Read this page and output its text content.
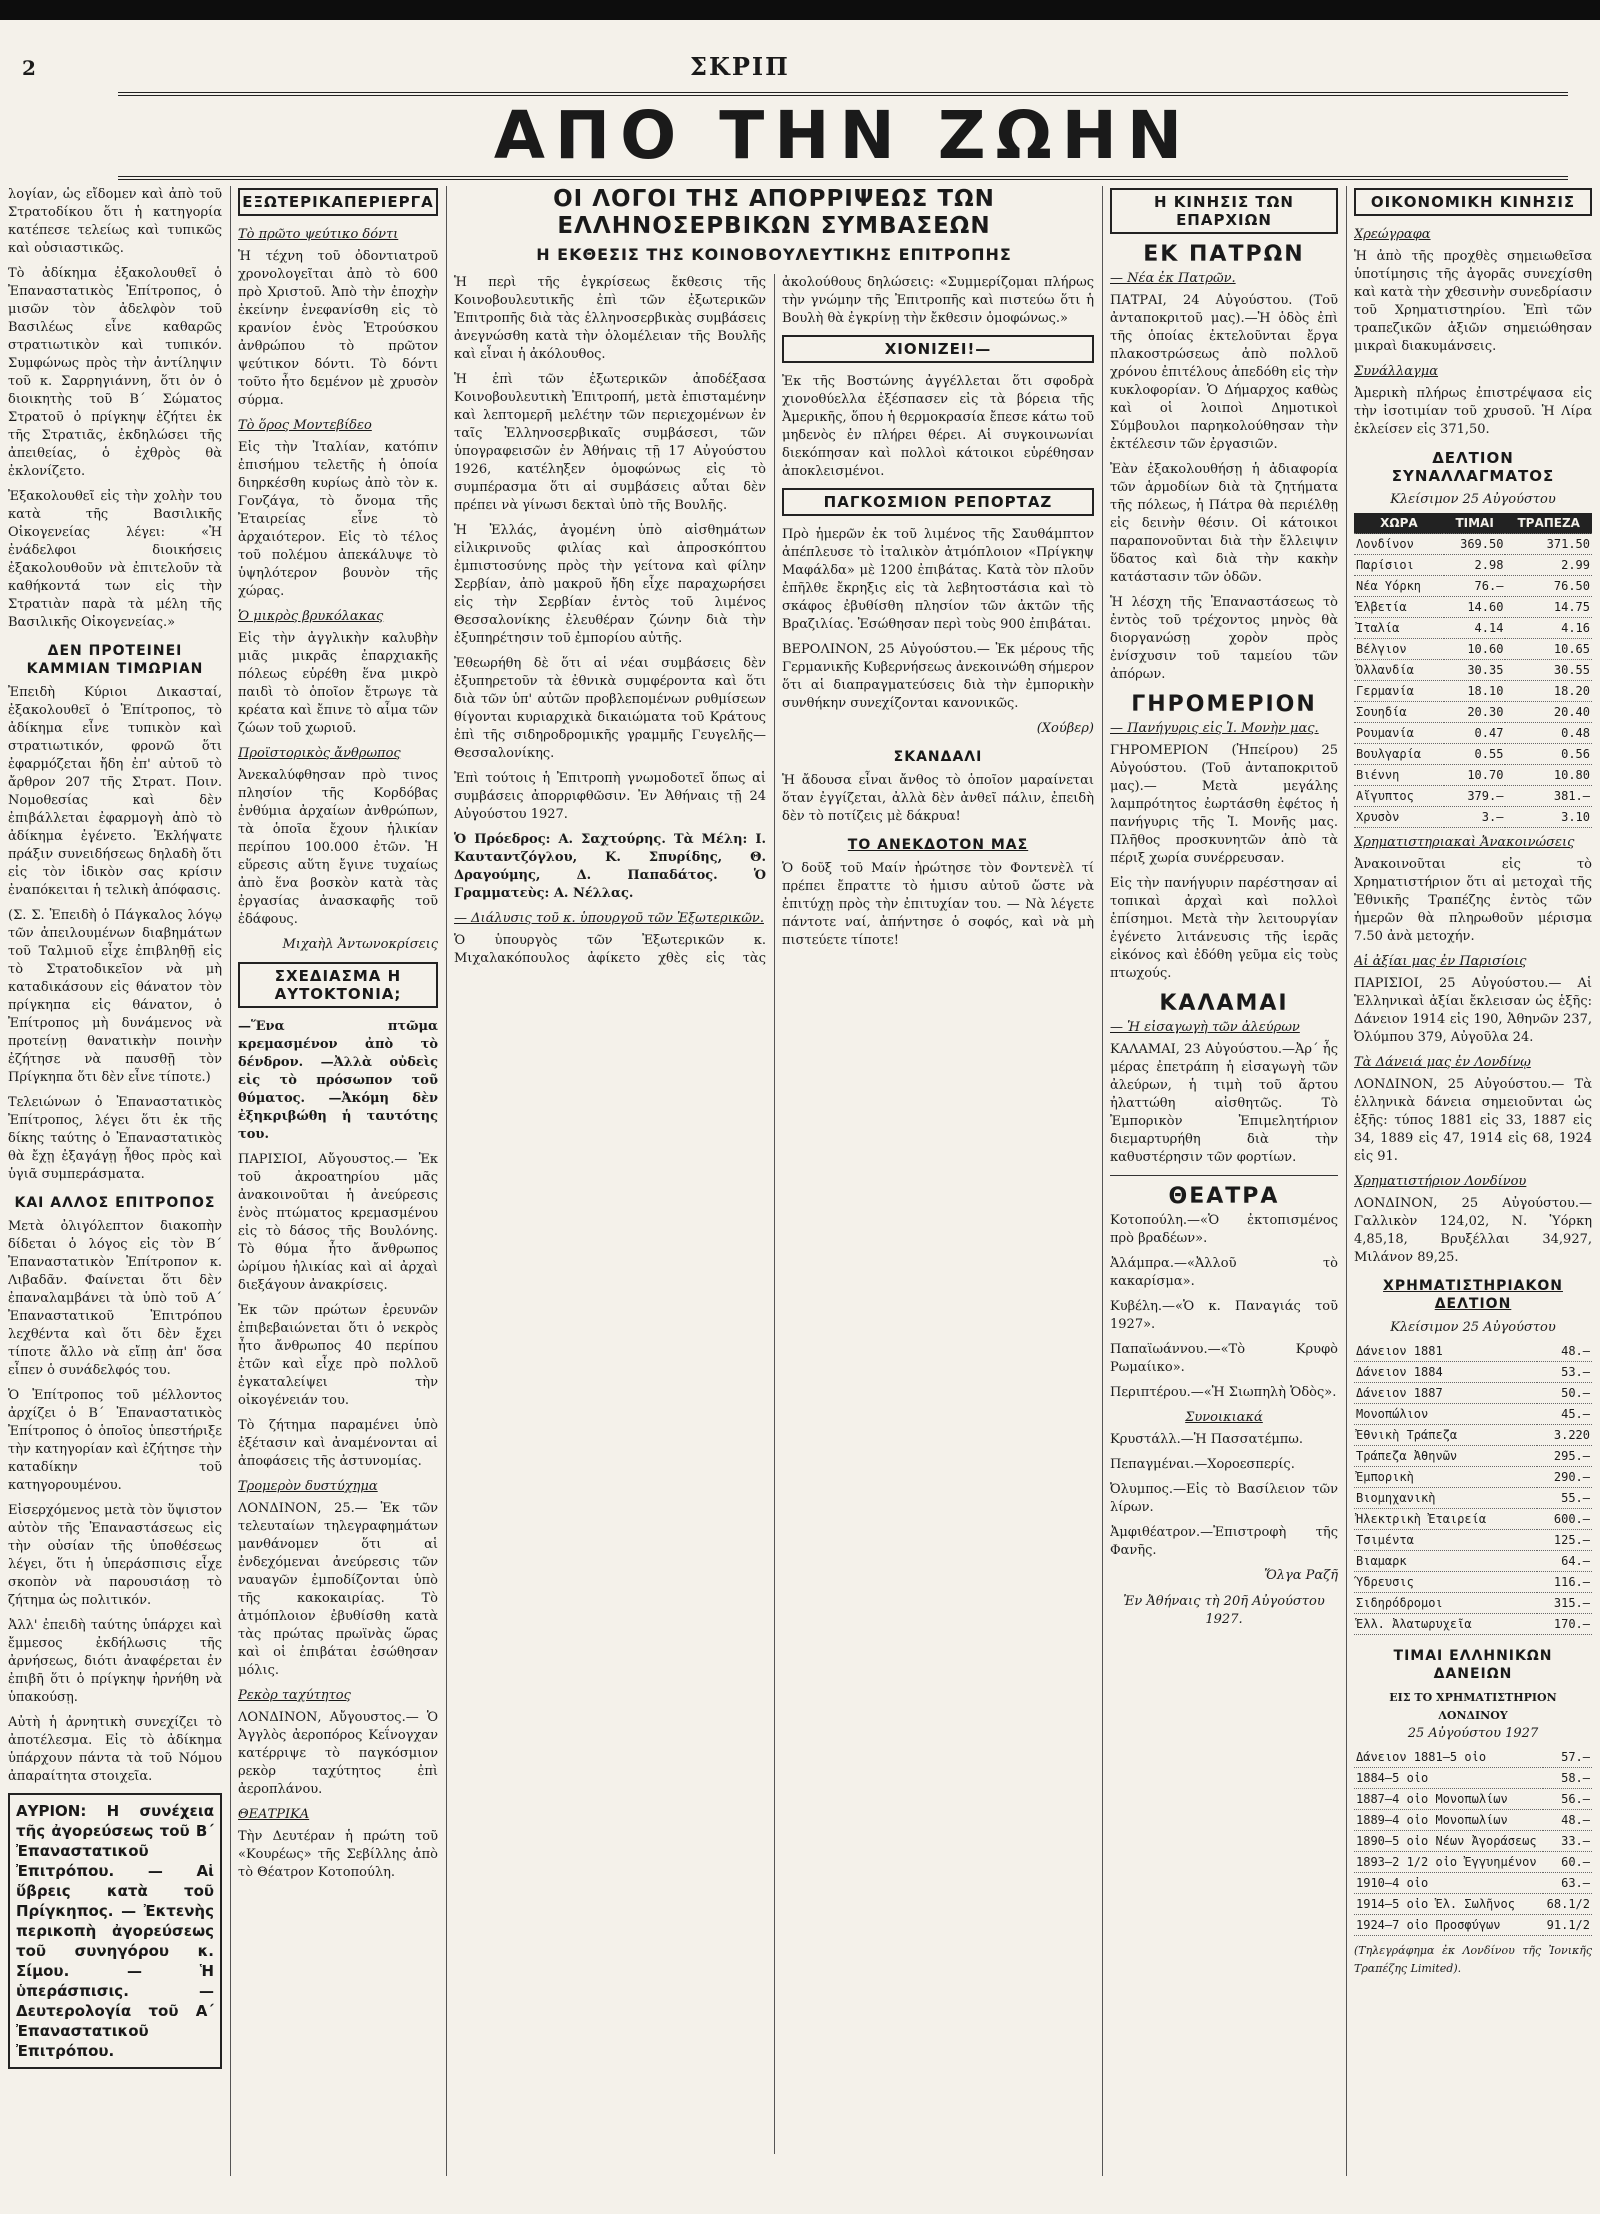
2	ΣΚΡΙΠ
ΑΠΟ ΤΗΝ ΖΩΗΝ

λογίαν, ὡς εἴδομεν καὶ ἀπὸ τοῦ Στρατοδίκου ὅτι ἡ κατηγορία κατέπεσε τελείως καὶ τυπικῶς καὶ οὐσιαστικῶς.

Τὸ ἀδίκημα ἐξακολουθεῖ ὁ Ἐπαναστατικὸς Ἐπίτροπος, ὁ μισῶν τὸν ἀδελφὸν τοῦ Βασιλέως εἶνε καθαρῶς στρατιωτικὸν καὶ τυπικόν. Συμφώνως πρὸς τὴν ἀντίληψιν τοῦ κ. Σαρρηγιάννη, ὅτι ὁν ὁ διοικητὴς τοῦ Β΄ Σώματος Στρατοῦ ὁ πρίγκηψ ἐζήτει ἐκ τῆς Στρατιᾶς, ἐκδηλώσει τῆς ἀπειθείας, ὁ ἐχθρὸς θὰ ἐκλονίζετο.

Ἐξακολουθεῖ εἰς τὴν χολὴν του κατὰ τῆς Βασιλικῆς Οἰκογενείας λέγει: «Ἡ ἐνάδελφοι διοικήσεις ἐξακολουθοῦν νὰ ἐπιτελοῦν τὰ καθήκοντά των εἰς τὴν Στρατιὰν παρὰ τὰ μέλη τῆς Βασιλικῆς Οἰκογενείας.»

ΔΕΝ ΠΡΟΤΕΙΝΕΙ ΚΑΜΜΙΑΝ ΤΙΜΩΡΙΑΝ

Ἐπειδὴ Κύριοι Δικασταί, ἐξακολουθεῖ ὁ Ἐπίτροπος, τὸ ἀδίκημα εἶνε τυπικὸν καὶ στρατιωτικόν, φρονῶ ὅτι ἐφαρμόζεται ἤδη ἐπ' αὐτοῦ τὸ ἄρθρον 207 τῆς Στρατ. Ποιν. Νομοθεσίας καὶ δὲν ἐπιβάλλεται ἐφαρμογὴ ἀπὸ τὸ ἀδίκημα ἐγένετο. Ἐκλήψατε πράξιν συνειδήσεως δηλαδὴ ὅτι εἰς τὸν ἰδικὸν σας κρίσιν ἐναπόκειται ἡ τελικὴ ἀπόφασις.

(Σ. Σ. Ἐπειδὴ ὁ Πάγκαλος λόγῳ τῶν ἀπειλουμένων διαβημάτων τοῦ Ταλμιοῦ εἶχε ἐπιβληθῇ εἰς τὸ Στρατοδικεῖον νὰ μὴ καταδικάσουν εἰς θάνατον τὸν πρίγκηπα εἰς θάνατον, ὁ Ἐπίτροπος μὴ δυνάμενος νὰ προτείνῃ θανατικὴν ποινὴν ἐζήτησε νὰ παυσθῇ τὸν Πρίγκηπα ὅτι δὲν εἶνε τίποτε.)

Τελειώνων ὁ Ἐπαναστατικὸς Ἐπίτροπος, λέγει ὅτι ἐκ τῆς δίκης ταύτης ὁ Ἐπαναστατικὸς θὰ ἔχῃ ἐξαγάγῃ ἦθος πρὸς καὶ ὑγιᾶ συμπεράσματα.

ΚΑΙ ΑΛΛΟΣ ΕΠΙΤΡΟΠΟΣ

Μετὰ ὀλιγόλεπτον διακοπὴν δίδεται ὁ λόγος εἰς τὸν Β΄ Ἐπαναστατικὸν Ἐπίτροπον κ. Λιβαδᾶν. Φαίνεται ὅτι δὲν ἐπαναλαμβάνει τὰ ὑπὸ τοῦ Α΄ Ἐπαναστατικοῦ Ἐπιτρόπου λεχθέντα καὶ ὅτι δὲν ἔχει τίποτε ἄλλο νὰ εἴπῃ ἀπ' ὅσα εἶπεν ὁ συνάδελφός του.

Ὁ Ἐπίτροπος τοῦ μέλλοντος ἀρχίζει ὁ Β΄ Ἐπαναστατικὸς Ἐπίτροπος ὁ ὁποῖος ὑπεστήριξε τὴν κατηγορίαν καὶ ἐζήτησε τὴν καταδίκην τοῦ κατηγορουμένου.

Εἰσερχόμενος μετὰ τὸν ὕψιστον αὐτὸν τῆς Ἐπαναστάσεως εἰς τὴν οὐσίαν τῆς ὑποθέσεως λέγει, ὅτι ἡ ὑπεράσπισις εἶχε σκοπὸν νὰ παρουσιάσῃ τὸ ζήτημα ὡς πολιτικόν.

Ἀλλ' ἐπειδὴ ταύτης ὑπάρχει καὶ ἔμμεσος ἐκδήλωσις τῆς ἀρνήσεως, διότι ἀναφέρεται ἐν ἐπιβῆ ὅτι ὁ πρίγκηψ ἠρνήθη νὰ ὑπακούσῃ.

Αὐτὴ ἡ ἀρνητικὴ συνεχίζει τὸ ἀποτέλεσμα. Εἰς τὸ ἀδίκημα ὑπάρχουν πάντα τὰ τοῦ Νόμου ἀπαραίτητα στοιχεῖα.

ΑΥΡΙΟΝ: Η συνέχεια τῆς ἀγορεύσεως τοῦ Β΄ Ἐπαναστατικοῦ Ἐπιτρόπου. — Αἱ ὕβρεις κατὰ τοῦ Πρίγκηπος. — Ἐκτενὴς περικοπὴ ἀγορεύσεως τοῦ συνηγόρου κ. Σίμου. — Ἡ ὑπεράσπισις. — Δευτερολογία τοῦ Α΄ Ἐπαναστατικοῦ Ἐπιτρόπου.
ΕΞΩΤΕΡΙΚΑΠΕΡΙΕΡΓΑ
Τὸ πρῶτο ψεύτικο δόντι

Ἡ τέχνη τοῦ ὀδοντιατροῦ χρονολογεῖται ἀπὸ τὸ 600 πρὸ Χριστοῦ. Ἀπὸ τὴν ἐποχὴν ἐκείνην ἐνεφανίσθη εἰς τὸ κρανίον ἑνὸς Ἑτρούσκου ἀνθρώπου τὸ πρῶτον ψεύτικον δόντι. Τὸ δόντι τοῦτο ἦτο δεμένον μὲ χρυσὸν σύρμα.

Τὸ ὅρος Μοντεβίδεο

Εἰς τὴν Ἰταλίαν, κατόπιν ἐπισήμου τελετῆς ἡ ὁποία διηρκέσθη κυρίως ἀπὸ τὸν κ. Γονζάγα, τὸ ὄνομα τῆς Ἐταιρείας εἶνε τὸ ἀρχαιότερον. Εἰς τὸ τέλος τοῦ πολέμου ἀπεκάλυψε τὸ ὑψηλότερον βουνὸν τῆς χώρας.

Ὁ μικρὸς βρυκόλακας

Εἰς τὴν ἀγγλικὴν καλυβὴν μιᾶς μικρᾶς ἐπαρχιακῆς πόλεως εὑρέθη ἕνα μικρὸ παιδὶ τὸ ὁποῖον ἔτρωγε τὰ κρέατα καὶ ἔπινε τὸ αἷμα τῶν ζώων τοῦ χωριοῦ.

Προϊστορικὸς ἄνθρωπος

Ἀνεκαλύφθησαν πρὸ τινος πλησίον τῆς Κορδόβας ἐνθύμια ἀρχαίων ἀνθρώπων, τὰ ὁποῖα ἔχουν ἡλικίαν περίπου 100.000 ἐτῶν. Ἡ εὕρεσις αὕτη ἔγινε τυχαίως ἀπὸ ἕνα βοσκὸν κατὰ τὰς ἐργασίας ἀνασκαφῆς τοῦ ἐδάφους.

Μιχαὴλ Ἀντωνοκρίσεις
ΣΧΕΔΙΑΣΜΑ Η ΑΥΤΟΚΤΟΝΙΑ;

—Ἕνα πτῶμα κρεμασμένον ἀπὸ τὸ δένδρον. —Ἀλλὰ οὐδεὶς εἰς τὸ πρόσωπον τοῦ θύματος. —Ἀκόμη δὲν ἐξηκριβώθη ἡ ταυτότης του.

ΠΑΡΙΣΙΟΙ, Αὔγουστος.— Ἐκ τοῦ ἀκροατηρίου μᾶς ἀνακοινοῦται ἡ ἀνεύρεσις ἑνὸς πτώματος κρεμασμένου εἰς τὸ δάσος τῆς Βουλόνης. Τὸ θύμα ἦτο ἄνθρωπος ὡρίμου ἡλικίας καὶ αἱ ἀρχαὶ διεξάγουν ἀνακρίσεις.

Ἐκ τῶν πρώτων ἐρευνῶν ἐπιβεβαιώνεται ὅτι ὁ νεκρὸς ἦτο ἄνθρωπος 40 περίπου ἐτῶν καὶ εἶχε πρὸ πολλοῦ ἐγκαταλείψει τὴν οἰκογένειάν του.

Τὸ ζήτημα παραμένει ὑπὸ ἐξέτασιν καὶ ἀναμένονται αἱ ἀποφάσεις τῆς ἀστυνομίας.

Τρομερὸν δυστύχημα

ΛΟΝΔΙΝΟΝ, 25.— Ἐκ τῶν τελευταίων τηλεγραφημάτων μανθάνομεν ὅτι αἱ ἐνδεχόμεναι ἀνεύρεσις τῶν ναυαγῶν ἐμποδίζονται ὑπὸ τῆς κακοκαιρίας. Τὸ ἀτμόπλοιον ἐβυθίσθη κατὰ τὰς πρώτας πρωϊνὰς ὥρας καὶ οἱ ἐπιβάται ἐσώθησαν μόλις.

Ρεκὸρ ταχύτητος

ΛΟΝΔΙΝΟΝ, Αὔγουστος.— Ὁ Ἀγγλὸς ἀεροπόρος Κεΐνογχαν κατέρριψε τὸ παγκόσμιον ρεκὸρ ταχύτητος ἐπὶ ἀεροπλάνου.

ΘΕΑΤΡΙΚΑ

Τὴν Δευτέραν ἡ πρώτη τοῦ «Κουρέως» τῆς Σεβίλλης ἀπὸ τὸ Θέατρον Κοτοπούλη.

ΟΙ ΛΟΓΟΙ ΤΗΣ ΑΠΟΡΡΙΨΕΩΣ ΤΩΝ ΕΛΛΗΝΟΣΕΡΒΙΚΩΝ ΣΥΜΒΑΣΕΩΝ
Η ΕΚΘΕΣΙΣ ΤΗΣ ΚΟΙΝΟΒΟΥΛΕΥΤΙΚΗΣ ΕΠΙΤΡΟΠΗΣ

Ἡ περὶ τῆς ἐγκρίσεως ἔκθεσις τῆς Κοινοβουλευτικῆς ἐπὶ τῶν ἐξωτερικῶν Ἐπιτροπῆς διὰ τὰς ἑλληνοσερβικὰς συμβάσεις ἀνεγνώσθη κατὰ τὴν ὁλομέλειαν τῆς Βουλῆς καὶ εἶναι ἡ ἀκόλουθος.

Ἡ ἐπὶ τῶν ἐξωτερικῶν ἀποδέξασα Κοινοβουλευτικὴ Ἐπιτροπή, μετὰ ἐπισταμένην καὶ λεπτομερῆ μελέτην τῶν περιεχομένων ἐν ταῖς Ἑλληνοσερβικαῖς συμβάσεσι, τῶν ὑπογραφεισῶν ἐν Ἀθήναις τῇ 17 Αὐγούστου 1926, κατέληξεν ὁμοφώνως εἰς τὸ συμπέρασμα ὅτι αἱ συμβάσεις αὗται δὲν πρέπει νὰ γίνωσι δεκταὶ ὑπὸ τῆς Βουλῆς.

Ἡ Ἑλλάς, ἀγομένη ὑπὸ αἰσθημάτων εἰλικρινοῦς φιλίας καὶ ἀπροσκόπτου ἐμπιστοσύνης πρὸς τὴν γείτονα καὶ φίλην Σερβίαν, ἀπὸ μακροῦ ἤδη εἶχε παραχωρήσει εἰς τὴν Σερβίαν ἐντὸς τοῦ λιμένος Θεσσαλονίκης ἐλευθέραν ζώνην διὰ τὴν ἐξυπηρέτησιν τοῦ ἐμπορίου αὐτῆς.

Ἐθεωρήθη δὲ ὅτι αἱ νέαι συμβάσεις δὲν ἐξυπηρετοῦν τὰ ἐθνικὰ συμφέροντα καὶ ὅτι διὰ τῶν ὑπ' αὐτῶν προβλεπομένων ρυθμίσεων θίγονται κυριαρχικὰ δικαιώματα τοῦ Κράτους ἐπὶ τῆς σιδηροδρομικῆς γραμμῆς Γευγελῆς—Θεσσαλονίκης.

Ἐπὶ τούτοις ἡ Ἐπιτροπὴ γνωμοδοτεῖ ὅπως αἱ συμβάσεις ἀπορριφθῶσιν. Ἐν Ἀθήναις τῇ 24 Αὐγούστου 1927.

Ὁ Πρόεδρος: Α. Σαχτούρης. Τὰ Μέλη: Ι. Καυταντζόγλου, Κ. Σπυρίδης, Θ. Δραγούμης, Δ. Παπαδάτος. Ὁ Γραμματεὺς: Α. Νέλλας.

— Διάλυσις τοῦ κ. ὑπουργοῦ τῶν Ἐξωτερικῶν.

Ὁ ὑπουργὸς τῶν Ἐξωτερικῶν κ. Μιχαλακόπουλος ἀφίκετο χθὲς εἰς τὰς ἀκολούθους δηλώσεις: «Συμμερίζομαι πλήρως τὴν γνώμην τῆς Ἐπιτροπῆς καὶ πιστεύω ὅτι ἡ Βουλὴ θὰ ἐγκρίνῃ τὴν ἔκθεσιν ὁμοφώνως.»

ΧΙΟΝΙΖΕΙ!—

Ἐκ τῆς Βοστώνης ἀγγέλλεται ὅτι σφοδρὰ χιονοθύελλα ἐξέσπασεν εἰς τὰ βόρεια τῆς Ἀμερικῆς, ὅπου ἡ θερμοκρασία ἔπεσε κάτω τοῦ μηδενὸς ἐν πλήρει θέρει. Αἱ συγκοινωνίαι διεκόπησαν καὶ πολλοὶ κάτοικοι εὑρέθησαν ἀποκλεισμένοι.

ΠΑΓΚΟΣΜΙΟΝ ΡΕΠΟΡΤΑΖ

Πρὸ ἡμερῶν ἐκ τοῦ λιμένος τῆς Σαυθάμπτον ἀπέπλευσε τὸ ἰταλικὸν ἀτμόπλοιον «Πρίγκηψ Μαφάλδα» μὲ 1200 ἐπιβάτας. Κατὰ τὸν πλοῦν ἐπῆλθε ἔκρηξις εἰς τὰ λεβητοστάσια καὶ τὸ σκάφος ἐβυθίσθη πλησίον τῶν ἀκτῶν τῆς Βραζιλίας. Ἐσώθησαν περὶ τοὺς 900 ἐπιβάται.

ΒΕΡΟΛΙΝΟΝ, 25 Αὐγούστου.— Ἐκ μέρους τῆς Γερμανικῆς Κυβερνήσεως ἀνεκοινώθη σήμερον ὅτι αἱ διαπραγματεύσεις διὰ τὴν ἐμπορικὴν συνθήκην συνεχίζονται κανονικῶς.

(Χούβερ)
ΣΚΑΝΔΑΛΙ

Ἡ ἄδουσα εἶναι ἄνθος τὸ ὁποῖον μαραίνεται ὅταν ἐγγίζεται, ἀλλὰ δὲν ἀνθεῖ πάλιν, ἐπειδὴ δὲν τὸ ποτίζεις μὲ δάκρυα!

ΤΟ ΑΝΕΚΔΟΤΟΝ ΜΑΣ

Ὁ δοῦξ τοῦ Μαίν ἠρώτησε τὸν Φοντενὲλ τί πρέπει ἔπραττε τὸ ἡμισυ αὐτοῦ ὥστε νὰ ἐπιτύχῃ πρὸς τὴν ἐπιτυχίαν του. — Νὰ λέγετε πάντοτε ναί, ἀπήντησε ὁ σοφός, καὶ νὰ μὴ πιστεύετε τίποτε!

Η ΚΙΝΗΣΙΣ ΤΩΝ ΕΠΑΡΧΙΩΝ
ΕΚ ΠΑΤΡΩΝ
— Νέα ἐκ Πατρῶν.

ΠΑΤΡΑΙ, 24 Αὐγούστου. (Τοῦ ἀνταποκριτοῦ μας).—Ἡ ὁδὸς ἐπὶ τῆς ὁποίας ἐκτελοῦνται ἔργα πλακοστρώσεως ἀπὸ πολλοῦ χρόνου ἐπιτέλους ἀπεδόθη εἰς τὴν κυκλοφορίαν. Ὁ Δήμαρχος καθὼς καὶ οἱ λοιποὶ Δημοτικοὶ Σύμβουλοι παρηκολούθησαν τὴν ἐκτέλεσιν τῶν ἐργασιῶν.

Ἐὰν ἐξακολουθήσῃ ἡ ἀδιαφορία τῶν ἁρμοδίων διὰ τὰ ζητήματα τῆς πόλεως, ἡ Πάτρα θὰ περιέλθῃ εἰς δεινὴν θέσιν. Οἱ κάτοικοι παραπονοῦνται διὰ τὴν ἔλλειψιν ὕδατος καὶ διὰ τὴν κακὴν κατάστασιν τῶν ὁδῶν.

Ἡ λέσχη τῆς Ἐπαναστάσεως τὸ ἐντὸς τοῦ τρέχοντος μηνὸς θὰ διοργανώσῃ χορὸν πρὸς ἐνίσχυσιν τοῦ ταμείου τῶν ἀπόρων.

ΓΗΡΟΜΕΡΙΟΝ
— Πανήγυρις εἰς Ἱ. Μονὴν μας.

ΓΗΡΟΜΕΡΙΟΝ (Ἠπείρου) 25 Αὐγούστου. (Τοῦ ἀνταποκριτοῦ μας).— Μετὰ μεγάλης λαμπρότητος ἐωρτάσθη ἐφέτος ἡ πανήγυρις τῆς Ἱ. Μονῆς μας. Πλῆθος προσκυνητῶν ἀπὸ τὰ πέριξ χωρία συνέρρευσαν.

Εἰς τὴν πανήγυριν παρέστησαν αἱ τοπικαὶ ἀρχαὶ καὶ πολλοὶ ἐπίσημοι. Μετὰ τὴν λειτουργίαν ἐγένετο λιτάνευσις τῆς ἱερᾶς εἰκόνος καὶ ἐδόθη γεῦμα εἰς τοὺς πτωχούς.

ΚΑΛΑΜΑΙ
— Ἡ εἰσαγωγὴ τῶν ἀλεύρων

ΚΑΛΑΜΑΙ, 23 Αὐγούστου.—Ἀρ΄ ἧς μέρας ἐπετράπη ἡ εἰσαγωγὴ τῶν ἀλεύρων, ἡ τιμὴ τοῦ ἄρτου ἠλαττώθη αἰσθητῶς. Τὸ Ἐμπορικὸν Ἐπιμελητήριον διεμαρτυρήθη διὰ τὴν καθυστέρησιν τῶν φορτίων.

ΘΕΑΤΡΑ

Κοτοπούλη.—«Ὁ ἐκτοπισμένος πρὸ βραδέων».

Ἀλάμπρα.—«Ἀλλοῦ τὸ κακαρίσμα».

Κυβέλη.—«Ὁ κ. Παναγιάς τοῦ 1927».

Παπαϊωάννου.—«Τὸ Κρυφὸ Ρωμαίικο».

Περιπτέρου.—«Ἡ Σιωπηλὴ Ὁδὸς».

Συνοικιακά

Κρυστάλλ.—Ἡ Πασσατέμπω.

Πεπαγμέναι.—Χοροεσπερίς.

Ὀλυμπος.—Εἰς τὸ Βασίλειον τῶν λίρων.

Ἀμφιθέατρον.—Ἐπιστροφὴ τῆς Φανῆς.

Ὅλγα Ραζῆ
Ἐν Ἀθήναις τὴ 20ῆ Αὐγούστου 1927.
ΟΙΚΟΝΟΜΙΚΗ ΚΙΝΗΣΙΣ
Χρεώγραφα

Ἡ ἀπὸ τῆς προχθὲς σημειωθεῖσα ὑποτίμησις τῆς ἀγορᾶς συνεχίσθη καὶ κατὰ τὴν χθεσινὴν συνεδρίασιν τοῦ Χρηματιστηρίου. Ἐπὶ τῶν τραπεζικῶν ἀξιῶν σημειώθησαν μικραὶ διακυμάνσεις.

Συνάλλαγμα

Ἀμερικὴ πλήρως ἐπιστρέψασα εἰς τὴν ἰσοτιμίαν τοῦ χρυσοῦ. Ἡ Λίρα ἐκλείσεν εἰς 371,50.

ΔΕΛΤΙΟΝ ΣΥΝΑΛΛΑΓΜΑΤΟΣ
Κλείσιμον 25 Αὐγούστου
ΧΩΡΑ	ΤΙΜΑΙ	ΤΡΑΠΕΖΑ
Λονδίνον	369.50	371.50
Παρίσιοι	2.98	2.99
Νέα Υόρκη	76.—	76.50
Ἑλβετία	14.60	14.75
Ἰταλία	4.14	4.16
Βέλγιον	10.60	10.65
Ὀλλανδία	30.35	30.55
Γερμανία	18.10	18.20
Σουηδία	20.30	20.40
Ρουμανία	0.47	0.48
Βουλγαρία	0.55	0.56
Βιέννη	10.70	10.80
Αἴγυπτος	379.—	381.—
Χρυσὸν	3.—	3.10
Χρηματιστηριακαὶ Ἀνακοινώσεις

Ἀνακοινοῦται εἰς τὸ Χρηματιστήριον ὅτι αἱ μετοχαὶ τῆς Ἐθνικῆς Τραπέζης ἐντὸς τῶν ἡμερῶν θὰ πληρωθοῦν μέρισμα 7.50 ἀνὰ μετοχήν.

Αἱ ἀξίαι μας ἐν Παρισίοις

ΠΑΡΙΣΙΟΙ, 25 Αὐγούστου.— Αἱ Ἑλληνικαὶ ἀξίαι ἔκλεισαν ὡς ἑξῆς: Δάνειον 1914 εἰς 190, Ἀθηνῶν 237, Ὀλύμπου 379, Αὐγοῦλα 24.

Τὰ Δάνειά μας ἐν Λονδίνῳ

ΛΟΝΔΙΝΟΝ, 25 Αὐγούστου.— Τὰ ἑλληνικὰ δάνεια σημειοῦνται ὡς ἑξῆς: τύπος 1881 εἰς 33, 1887 εἰς 34, 1889 εἰς 47, 1914 εἰς 68, 1924 εἰς 91.

Χρηματιστήριον Λονδίνου

ΛΟΝΔΙΝΟΝ, 25 Αὐγούστου.— Γαλλικὸν 124,02, Ν. Ὑόρκη 4,85,18, Βρυξέλλαι 34,927, Μιλάνον 89,25.

ΧΡΗΜΑΤΙΣΤΗΡΙΑΚΟΝ ΔΕΛΤΙΟΝ
Κλείσιμον 25 Αὐγούστου
Δάνειον 1881	48.—
Δάνειον 1884	53.—
Δάνειον 1887	50.—
Μονοπώλιον	45.—
Ἐθνικὴ Τράπεζα	3.220
Τράπεζα Ἀθηνῶν	295.—
Ἐμπορικὴ	290.—
Βιομηχανικὴ	55.—
Ἠλεκτρικὴ Ἐταιρεία	600.—
Τσιμέντα	125.—
Βιαμαρκ	64.—
Ὕδρευσις	116.—
Σιδηρόδρομοι	315.—
Ἑλλ. Ἀλατωρυχεῖα	170.—
ΤΙΜΑΙ ΕΛΛΗΝΙΚΩΝ ΔΑΝΕΙΩΝ
ΕΙΣ ΤΟ ΧΡΗΜΑΤΙΣΤΗΡΙΟΝ ΛΟΝΔΙΝΟΥ
25 Αὐγούστου 1927
Δάνειον 1881—5 οἰο	57.—
1884—5 οἰο	58.—
1887—4 οἰο Μονοπωλίων	56.—
1889—4 οἰο Μονοπωλίων	48.—
1890—5 οἰο Νέων Ἀγοράσεως	33.—
1893—2 1/2 οἰο Ἐγγυημένον	60.—
1910—4 οἰο	63.—
1914—5 οἰο Ἑλ. Σωλῆνος	68.1/2
1924—7 οἰο Προσφύγων	91.1/2

(Τηλεγράφημα ἐκ Λονδίνου τῆς Ἰονικῆς Τραπέζης Limited).
